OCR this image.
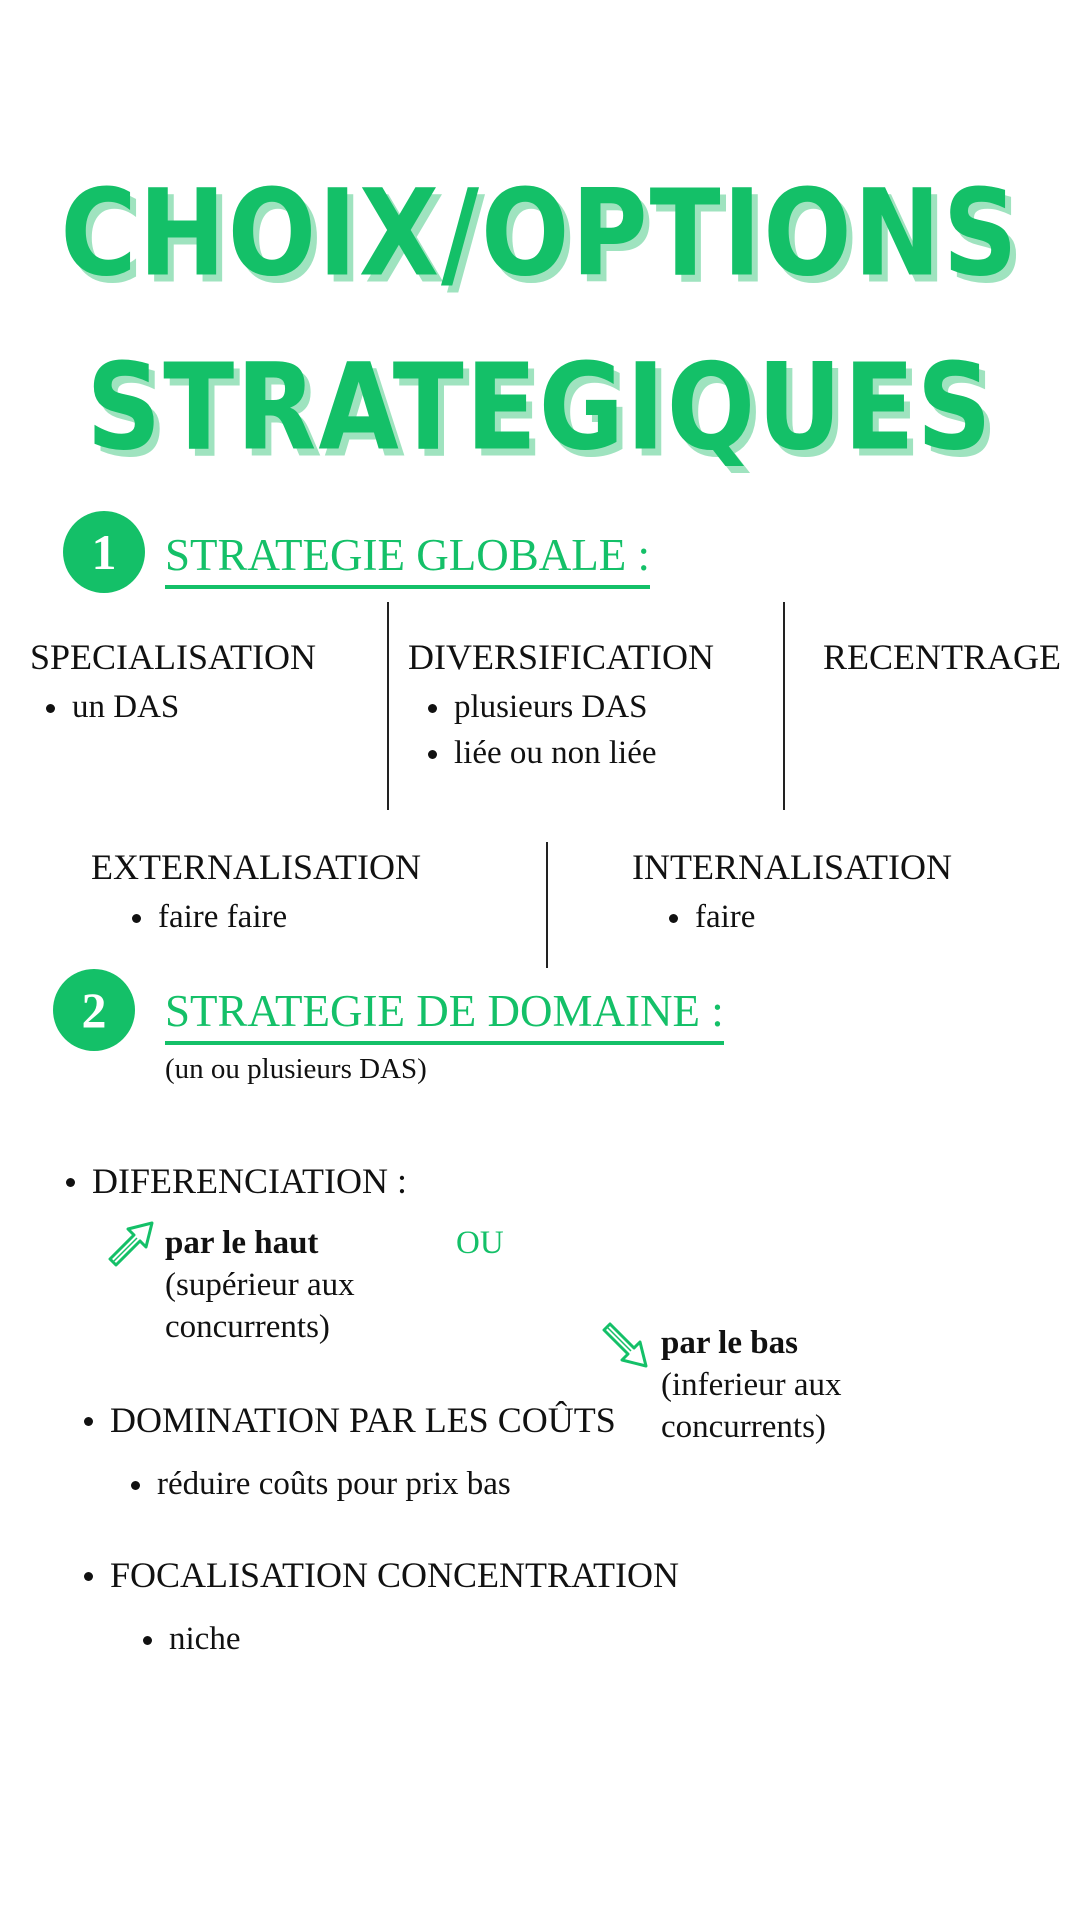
CHOIX/OPTIONS
STRATEGIQUES
1	STRATEGIE GLOBALE :
SPECIALISATION
un DAS
DIVERSIFICATION
plusieurs DAS
liée ou non liée
RECENTRAGE
EXTERNALISATION
faire faire
INTERNALISATION
faire
2	STRATEGIE DE DOMAINE :
(un ou plusieurs DAS)
DIFERENCIATION :
par le haut
(supérieur aux
concurrents)
OU
par le bas
(inferieur aux
concurrents)
DOMINATION PAR LES COÛTS
réduire coûts pour prix bas
FOCALISATION CONCENTRATION
niche
